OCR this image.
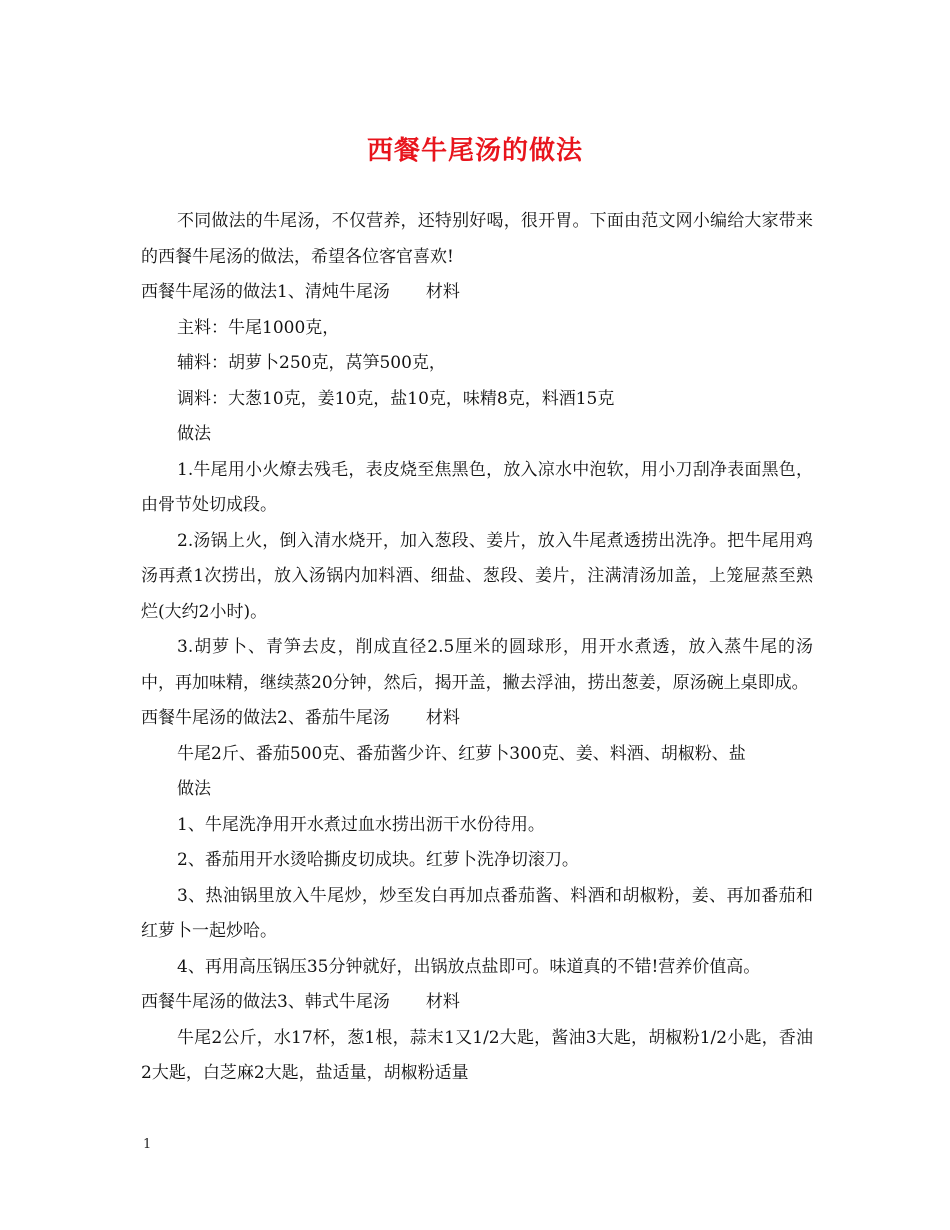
西餐牛尾汤的做法

不同做法的牛尾汤，不仅营养，还特别好喝，很开胃。下面由范文网小编给大家带来的西餐牛尾汤的做法，希望各位客官喜欢!

西餐牛尾汤的做法1、清炖牛尾汤 材料

主料：牛尾1000克，

辅料：胡萝卜250克，莴笋500克，

调料：大葱10克，姜10克，盐10克，味精8克，料酒15克

做法

1.牛尾用小火燎去残毛，表皮烧至焦黑色，放入凉水中泡软，用小刀刮净表面黑色，由骨节处切成段。

2.汤锅上火，倒入清水烧开，加入葱段、姜片，放入牛尾煮透捞出洗净。把牛尾用鸡汤再煮1次捞出，放入汤锅内加料酒、细盐、葱段、姜片，注满清汤加盖，上笼屉蒸至熟烂(大约2小时)。

3.胡萝卜、青笋去皮，削成直径2.5厘米的圆球形，用开水煮透，放入蒸牛尾的汤中，再加味精，继续蒸20分钟，然后，揭开盖，撇去浮油，捞出葱姜，原汤碗上桌即成。

西餐牛尾汤的做法2、番茄牛尾汤 材料

牛尾2斤、番茄500克、番茄酱少许、红萝卜300克、姜、料酒、胡椒粉、盐

做法

1、牛尾洗净用开水煮过血水捞出沥干水份待用。

2、番茄用开水烫哈撕皮切成块。红萝卜洗净切滚刀。

3、热油锅里放入牛尾炒，炒至发白再加点番茄酱、料酒和胡椒粉，姜、再加番茄和红萝卜一起炒哈。

4、再用高压锅压35分钟就好，出锅放点盐即可。味道真的不错!营养价值高。

西餐牛尾汤的做法3、韩式牛尾汤 材料

牛尾2公斤，水17杯，葱1根，蒜末1又1/2大匙，酱油3大匙，胡椒粉1/2小匙，香油2大匙，白芝麻2大匙，盐适量，胡椒粉适量

1
